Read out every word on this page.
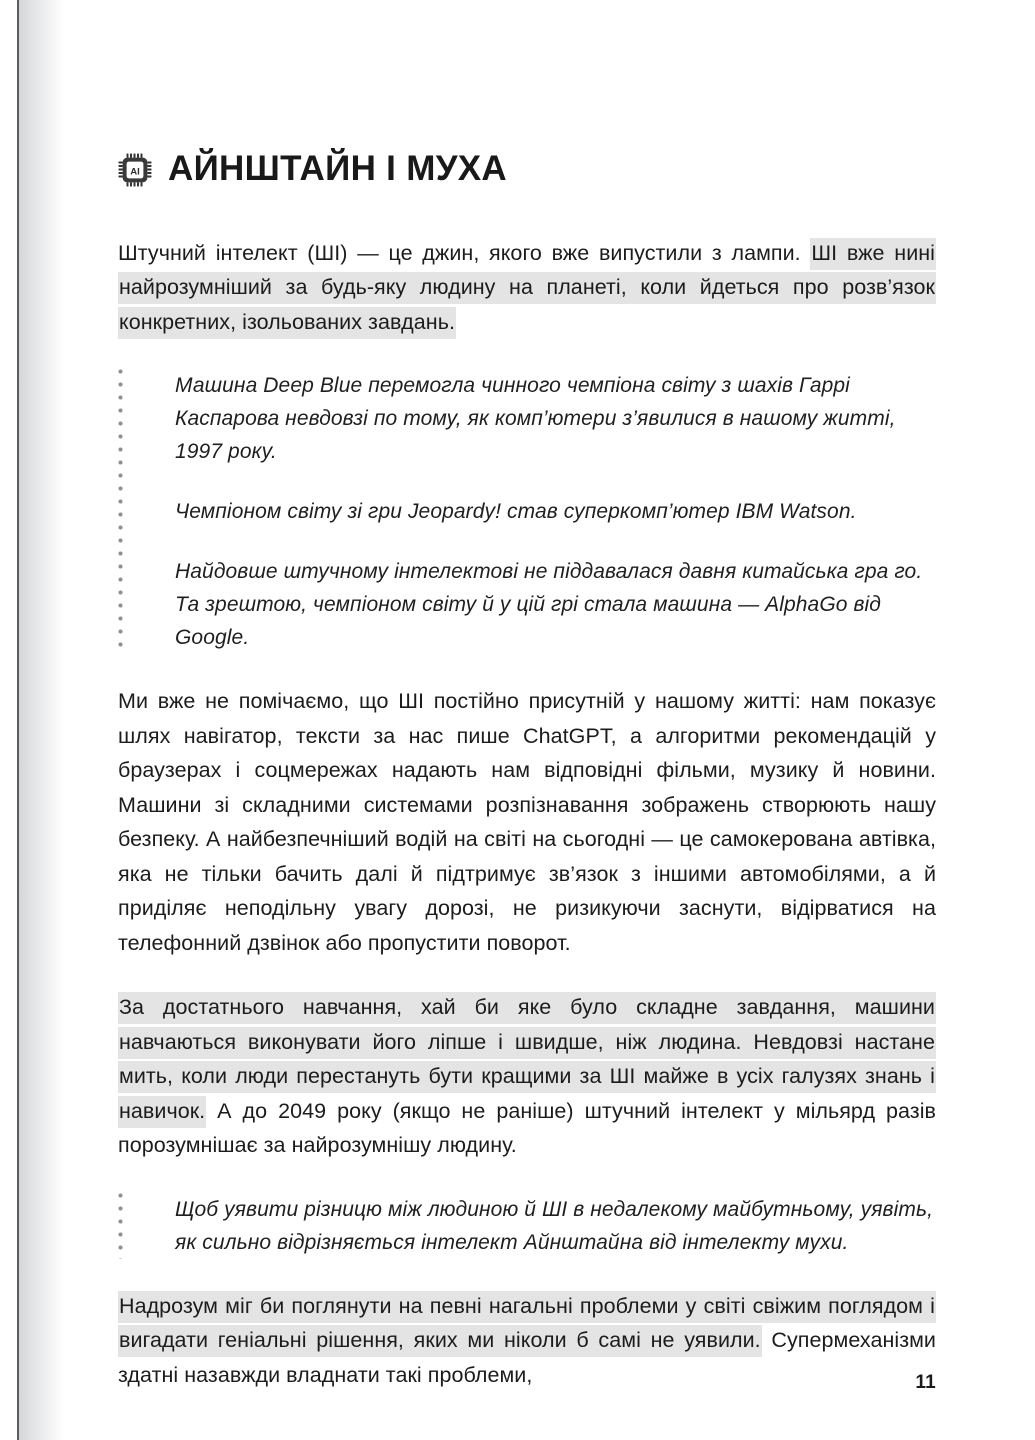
AI АЙНШТАЙН І МУХА

Штучний інтелект (ШІ) — це джин, якого вже випустили з лампи. ШІ вже нині найрозумніший за будь-яку людину на планеті, коли йдеться про розв’язок конкретних, ізольованих завдань.

Машина Deep Blue перемогла чинного чемпіона світу з шахів Гаррі Каспарова невдовзі по тому, як комп’ютери з’явилися в нашому житті, 1997 року.

Чемпіоном світу зі гри Jeopardy! став суперкомп’ютер IBM Watson.

Найдовше штучному інтелектові не піддавалася давня китайська гра го. Та зрештою, чемпіоном світу й у цій грі стала машина — AlphaGo від Google.

Ми вже не помічаємо, що ШІ постійно присутній у нашому житті: нам показує шлях навігатор, тексти за нас пише ChatGPT, а алгоритми рекомендацій у браузерах і соцмережах надають нам відповідні фільми, музику й новини. Машини зі складними системами розпізнавання зображень створюють нашу безпеку. А найбезпечніший водій на світі на сьогодні — це самокерована автівка, яка не тільки бачить далі й підтримує зв’язок з іншими автомобілями, а й приділяє неподільну увагу дорозі, не ризикуючи заснути, відірватися на телефонний дзвінок або пропустити поворот.

За достатнього навчання, хай би яке було складне завдання, машини навчаються виконувати його ліпше і швидше, ніж людина. Невдовзі настане мить, коли люди перестануть бути кращими за ШІ майже в усіх галузях знань і навичок. А до 2049 року (якщо не раніше) штучний інтелект у мільярд разів порозумнішає за найрозумнішу людину.

Щоб уявити різницю між людиною й ШІ в недалекому майбутньому, уявіть, як сильно відрізняється інтелект Айнштайна від інтелекту мухи.

Надрозум міг би поглянути на певні нагальні проблеми у світі свіжим поглядом і вигадати геніальні рішення, яких ми ніколи б самі не уявили. Супермеханізми здатні назавжди владнати такі проблеми,	11
